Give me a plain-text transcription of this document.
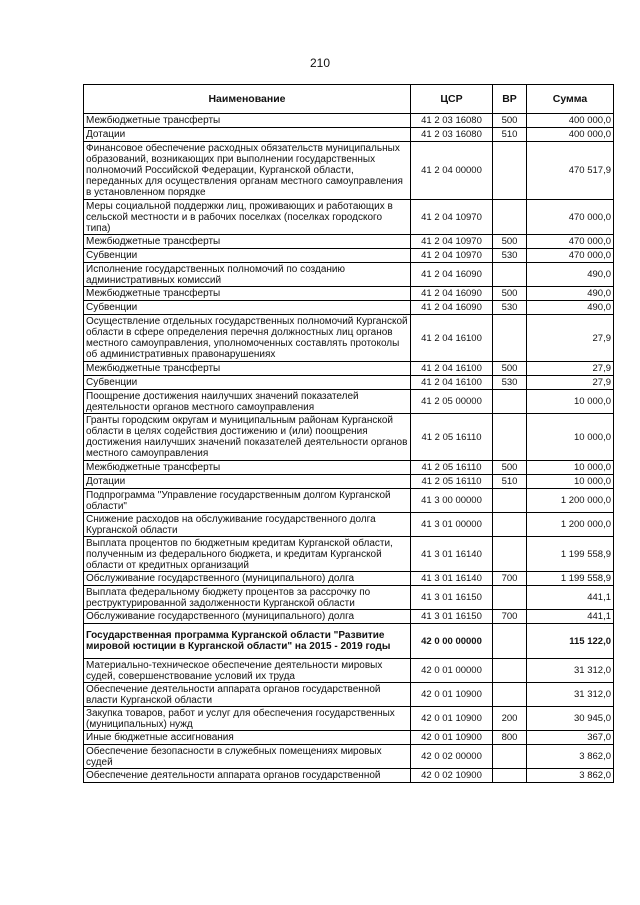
210
Наименование	ЦСР	ВР	Сумма
Межбюджетные трансферты	41 2 03 16080	500	400 000,0
Дотации	41 2 03 16080	510	400 000,0
Финансовое обеспечение расходных обязательств муниципальных образований, возникающих при выполнении государственных полномочий Российской Федерации, Курганской области, переданных для осуществления органам местного самоуправления в установленном порядке	41 2 04 00000		470 517,9
Меры социальной поддержки лиц, проживающих и работающих в сельской местности и в рабочих поселках (поселках городского типа)	41 2 04 10970		470 000,0
Межбюджетные трансферты	41 2 04 10970	500	470 000,0
Субвенции	41 2 04 10970	530	470 000,0
Исполнение государственных полномочий по созданию административных комиссий	41 2 04 16090		490,0
Межбюджетные трансферты	41 2 04 16090	500	490,0
Субвенции	41 2 04 16090	530	490,0
Осуществление отдельных государственных полномочий Курганской области в сфере определения перечня должностных лиц органов местного самоуправления, уполномоченных составлять протоколы об административных правонарушениях	41 2 04 16100		27,9
Межбюджетные трансферты	41 2 04 16100	500	27,9
Субвенции	41 2 04 16100	530	27,9
Поощрение достижения наилучших значений показателей деятельности органов местного самоуправления	41 2 05 00000		10 000,0
Гранты городским округам и муниципальным районам Курганской области в целях содействия достижению и (или) поощрения достижения наилучших значений показателей деятельности органов местного самоуправления	41 2 05 16110		10 000,0
Межбюджетные трансферты	41 2 05 16110	500	10 000,0
Дотации	41 2 05 16110	510	10 000,0
Подпрограмма "Управление государственным долгом Курганской области"	41 3 00 00000		1 200 000,0
Снижение расходов на обслуживание государственного долга Курганской области	41 3 01 00000		1 200 000,0
Выплата процентов по бюджетным кредитам Курганской области, полученным из федерального бюджета, и кредитам Курганской области от кредитных организаций	41 3 01 16140		1 199 558,9
Обслуживание государственного (муниципального) долга	41 3 01 16140	700	1 199 558,9
Выплата федеральному бюджету процентов за рассрочку по реструктурированной задолженности Курганской области	41 3 01 16150		441,1
Обслуживание государственного (муниципального) долга	41 3 01 16150	700	441,1
Государственная программа Курганской области "Развитие мировой юстиции в Курганской области" на 2015 - 2019 годы	42 0 00 00000		115 122,0
Материально-техническое обеспечение деятельности мировых судей, совершенствование условий их труда	42 0 01 00000		31 312,0
Обеспечение деятельности аппарата органов государственной власти Курганской области	42 0 01 10900		31 312,0
Закупка товаров, работ и услуг для обеспечения государственных (муниципальных) нужд	42 0 01 10900	200	30 945,0
Иные бюджетные ассигнования	42 0 01 10900	800	367,0
Обеспечение безопасности в служебных помещениях мировых судей	42 0 02 00000		3 862,0
Обеспечение деятельности аппарата органов государственной	42 0 02 10900		3 862,0
